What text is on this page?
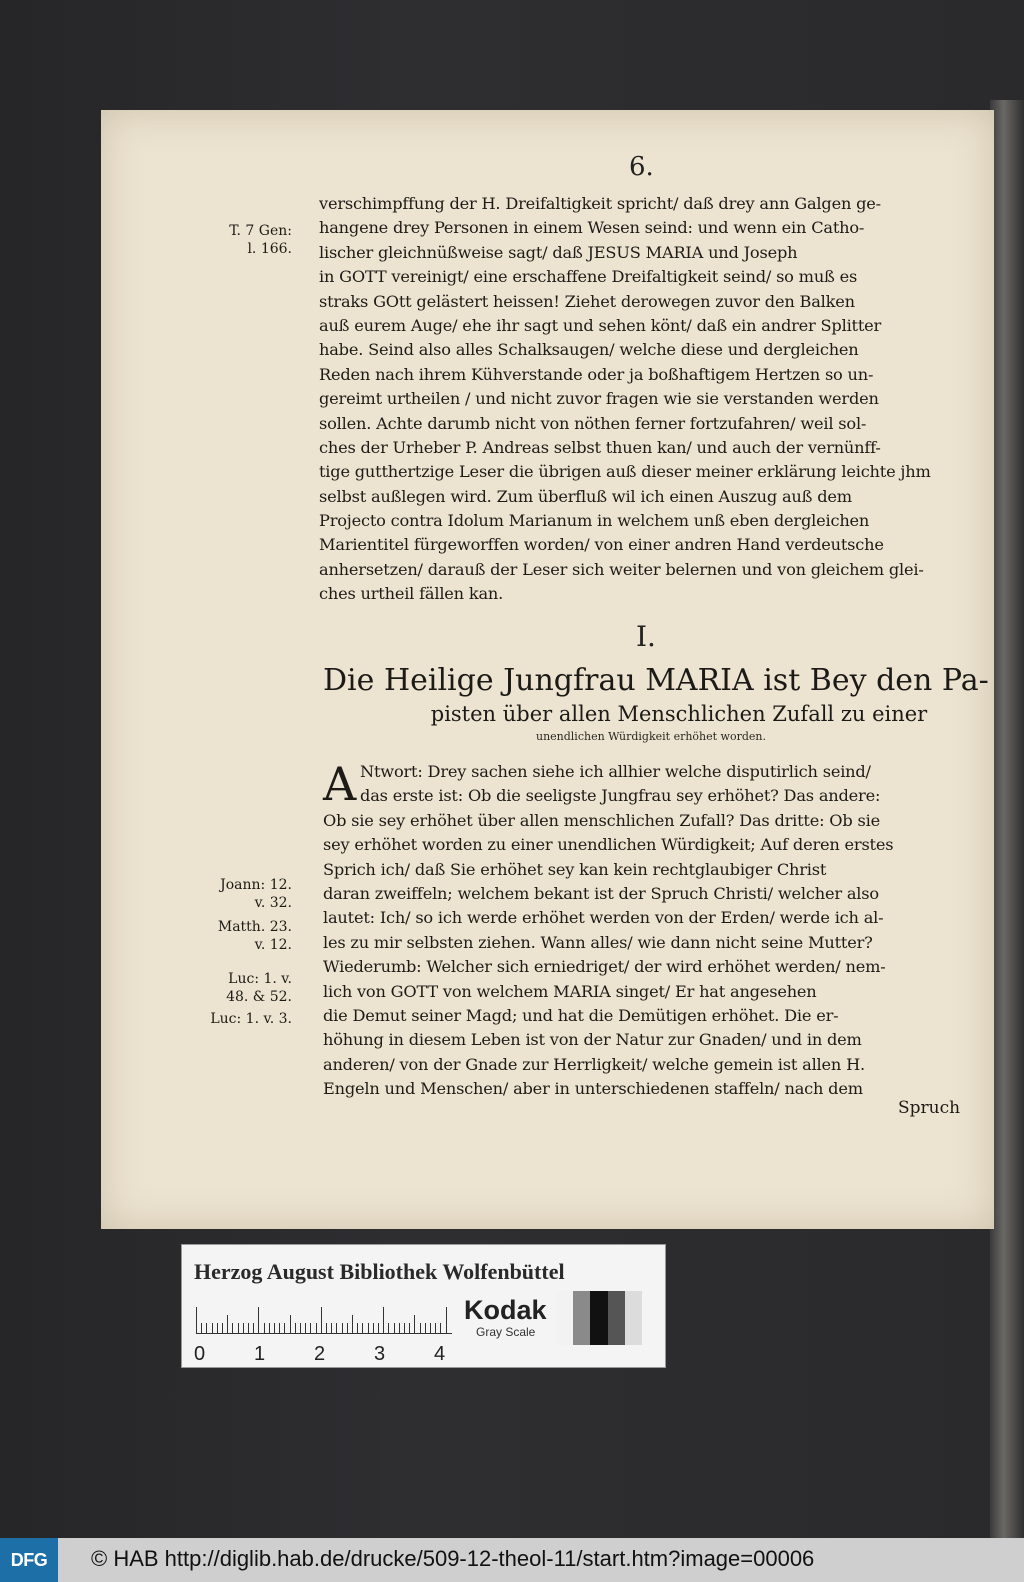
6.
T. 7 Gen:
l. 166.
verschimpffung der H. Dreifaltigkeit spricht/ daß drey ann Galgen ge-
hangene drey Personen in einem Wesen seind: und wenn ein Catho-
lischer gleichnüßweise sagt/ daß JESUS MARIA und Joseph
in GOTT vereinigt/ eine erschaffene Dreifaltigkeit seind/ so muß es
straks GOtt gelästert heissen! Ziehet derowegen zuvor den Balken
auß eurem Auge/ ehe ihr sagt und sehen könt/ daß ein andrer Splitter
habe. Seind also alles Schalksaugen/ welche diese und dergleichen
Reden nach ihrem Kühverstande oder ja boßhaftigem Hertzen so un-
gereimt urtheilen / und nicht zuvor fragen wie sie verstanden werden
sollen. Achte darumb nicht von nöthen ferner fortzufahren/ weil sol-
ches der Urheber P. Andreas selbst thuen kan/ und auch der vernünff-
tige gutthertzige Leser die übrigen auß dieser meiner erklärung leichte jhm
selbst außlegen wird. Zum überfluß wil ich einen Auszug auß dem
Projecto contra Idolum Marianum in welchem unß eben dergleichen
Marientitel fürgeworffen worden/ von einer andren Hand verdeutsche
anhersetzen/ darauß der Leser sich weiter belernen und von gleichem glei-
ches urtheil fällen kan.
I.
Die Heilige Jungfrau MARIA ist Bey den Pa-
pisten über allen Menschlichen Zufall zu einer
unendlichen Würdigkeit erhöhet worden.
Joann: 12.
v. 32.
Matth. 23.
v. 12.
Luc: 1. v.
48. & 52.
Luc: 1. v. 3.
A Ntwort: Drey sachen siehe ich allhier welche disputirlich seind/
das erste ist: Ob die seeligste Jungfrau sey erhöhet? Das andere:
Ob sie sey erhöhet über allen menschlichen Zufall? Das dritte: Ob sie
sey erhöhet worden zu einer unendlichen Würdigkeit; Auf deren erstes
Sprich ich/ daß Sie erhöhet sey kan kein rechtglaubiger Christ
daran zweiffeln; welchem bekant ist der Spruch Christi/ welcher also
lautet: Ich/ so ich werde erhöhet werden von der Erden/ werde ich al-
les zu mir selbsten ziehen. Wann alles/ wie dann nicht seine Mutter?
Wiederumb: Welcher sich erniedriget/ der wird erhöhet werden/ nem-
lich von GOTT von welchem MARIA singet/ Er hat angesehen
die Demut seiner Magd; und hat die Demütigen erhöhet. Die er-
höhung in diesem Leben ist von der Natur zur Gnaden/ und in dem
anderen/ von der Gnade zur Herrligkeit/ welche gemein ist allen H.
Engeln und Menschen/ aber in unterschiedenen staffeln/ nach dem
Spruch
Herzog August Bibliothek Wolfenbüttel
0 1 2 3 4
Kodak
Gray Scale
DFG	© HAB http://diglib.hab.de/drucke/509-12-theol-11/start.htm?image=00006
